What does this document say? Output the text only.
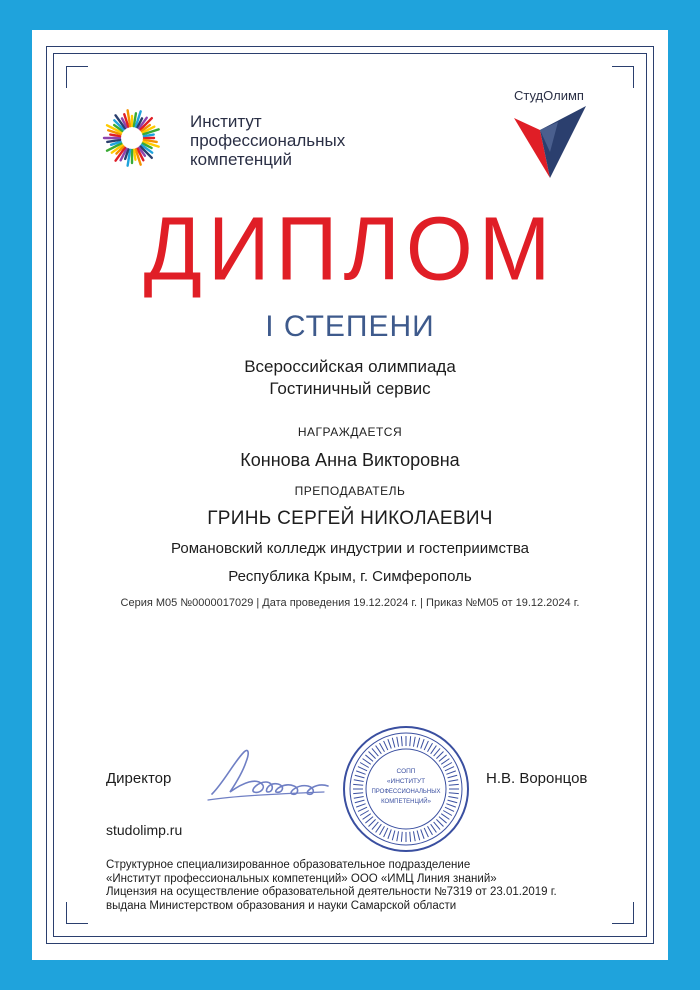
Институт
профессиональных
компетенций
СтудОлимп
ДИПЛОМ
I СТЕПЕНИ
Всероссийская олимпиада
Гостиничный сервис
НАГРАЖДАЕТСЯ
Коннова Анна Викторовна
ПРЕПОДАВАТЕЛЬ
ГРИНЬ СЕРГЕЙ НИКОЛАЕВИЧ
Романовский колледж индустрии и гостеприимства
Республика Крым, г. Симферополь
Серия М05 №0000017029 | Дата проведения 19.12.2024 г. | Приказ №М05 от 19.12.2024 г.
Директор	СОПП
«ИНСТИТУТ
ПРОФЕССИОНАЛЬНЫХ
КОМПЕТЕНЦИЙ»
Н.В. Воронцов
studolimp.ru
Структурное специализированное образовательное подразделение
«Институт профессиональных компетенций» ООО «ИМЦ Линия знаний»
Лицензия на осуществление образовательной деятельности №7319 от 23.01.2019 г.
выдана Министерством образования и науки Самарской области
